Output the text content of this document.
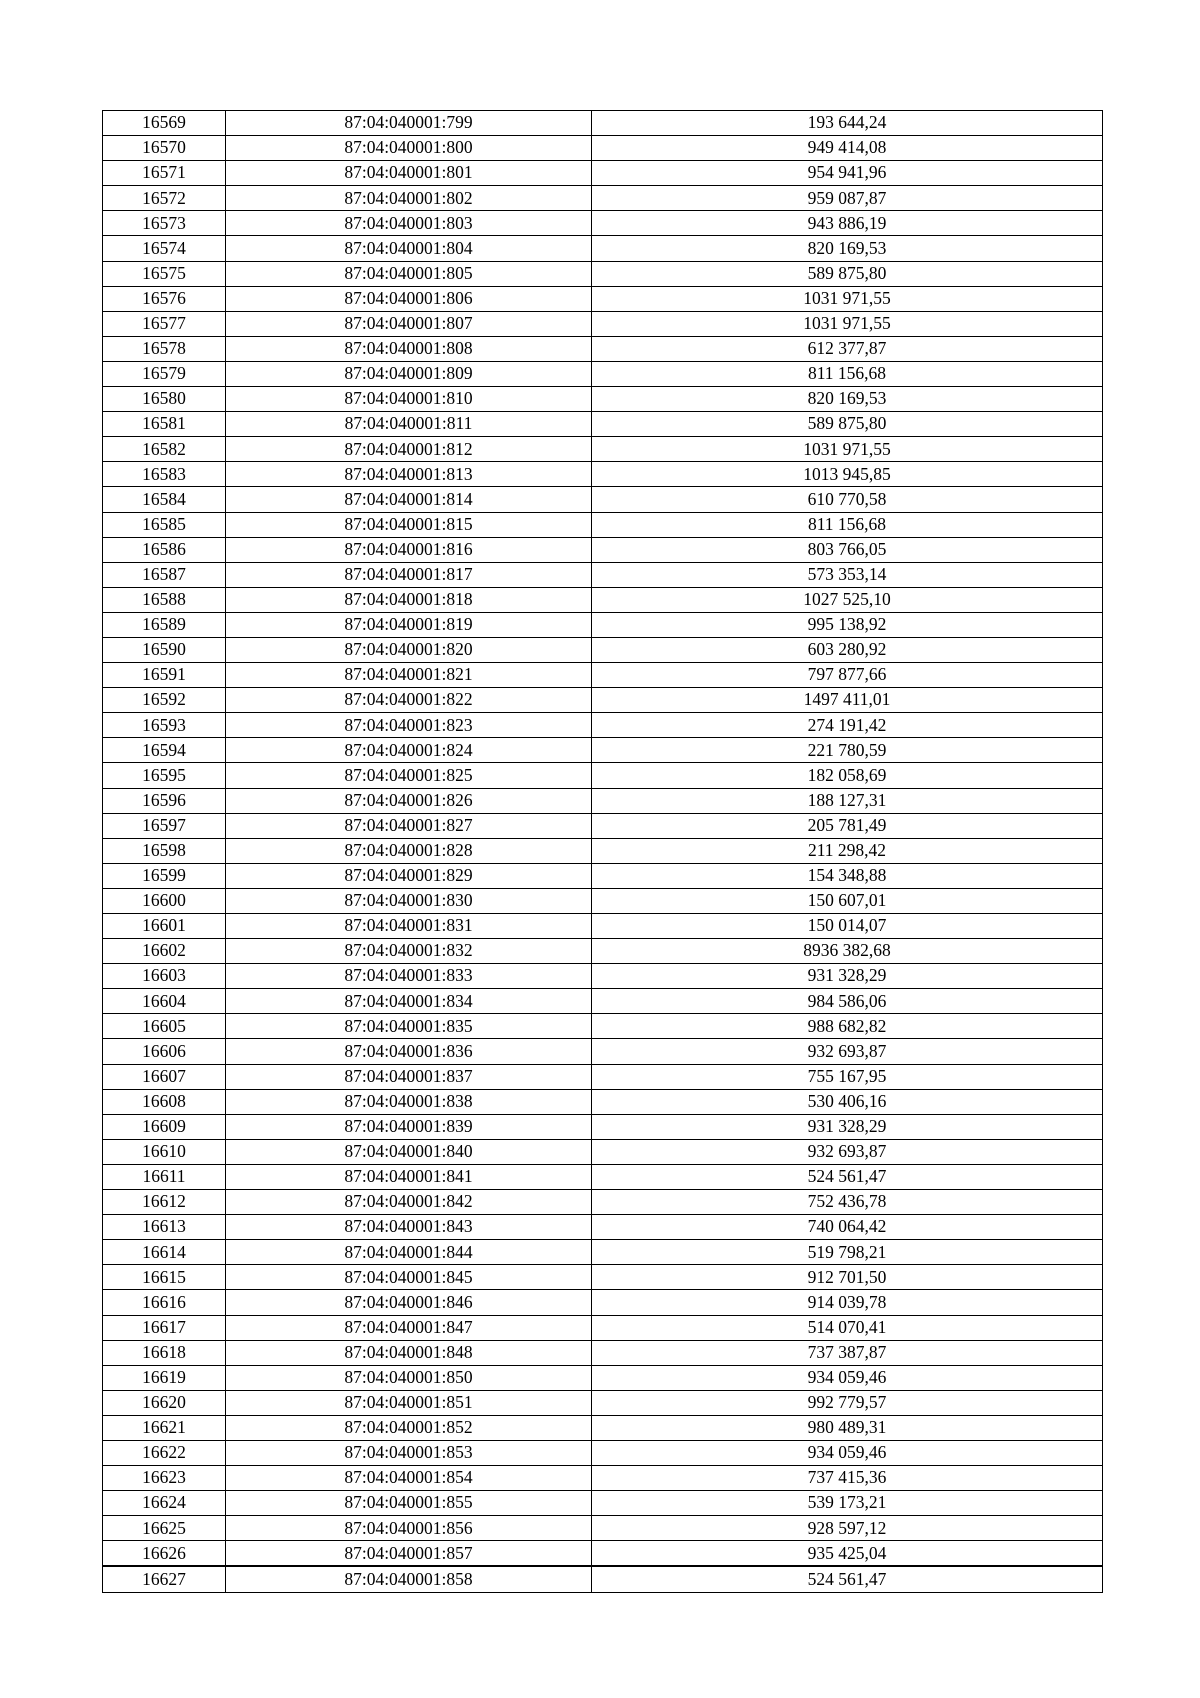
16569	87:04:040001:799	193 644,24
16570	87:04:040001:800	949 414,08
16571	87:04:040001:801	954 941,96
16572	87:04:040001:802	959 087,87
16573	87:04:040001:803	943 886,19
16574	87:04:040001:804	820 169,53
16575	87:04:040001:805	589 875,80
16576	87:04:040001:806	1031 971,55
16577	87:04:040001:807	1031 971,55
16578	87:04:040001:808	612 377,87
16579	87:04:040001:809	811 156,68
16580	87:04:040001:810	820 169,53
16581	87:04:040001:811	589 875,80
16582	87:04:040001:812	1031 971,55
16583	87:04:040001:813	1013 945,85
16584	87:04:040001:814	610 770,58
16585	87:04:040001:815	811 156,68
16586	87:04:040001:816	803 766,05
16587	87:04:040001:817	573 353,14
16588	87:04:040001:818	1027 525,10
16589	87:04:040001:819	995 138,92
16590	87:04:040001:820	603 280,92
16591	87:04:040001:821	797 877,66
16592	87:04:040001:822	1497 411,01
16593	87:04:040001:823	274 191,42
16594	87:04:040001:824	221 780,59
16595	87:04:040001:825	182 058,69
16596	87:04:040001:826	188 127,31
16597	87:04:040001:827	205 781,49
16598	87:04:040001:828	211 298,42
16599	87:04:040001:829	154 348,88
16600	87:04:040001:830	150 607,01
16601	87:04:040001:831	150 014,07
16602	87:04:040001:832	8936 382,68
16603	87:04:040001:833	931 328,29
16604	87:04:040001:834	984 586,06
16605	87:04:040001:835	988 682,82
16606	87:04:040001:836	932 693,87
16607	87:04:040001:837	755 167,95
16608	87:04:040001:838	530 406,16
16609	87:04:040001:839	931 328,29
16610	87:04:040001:840	932 693,87
16611	87:04:040001:841	524 561,47
16612	87:04:040001:842	752 436,78
16613	87:04:040001:843	740 064,42
16614	87:04:040001:844	519 798,21
16615	87:04:040001:845	912 701,50
16616	87:04:040001:846	914 039,78
16617	87:04:040001:847	514 070,41
16618	87:04:040001:848	737 387,87
16619	87:04:040001:850	934 059,46
16620	87:04:040001:851	992 779,57
16621	87:04:040001:852	980 489,31
16622	87:04:040001:853	934 059,46
16623	87:04:040001:854	737 415,36
16624	87:04:040001:855	539 173,21
16625	87:04:040001:856	928 597,12
16626	87:04:040001:857	935 425,04
16627	87:04:040001:858	524 561,47
